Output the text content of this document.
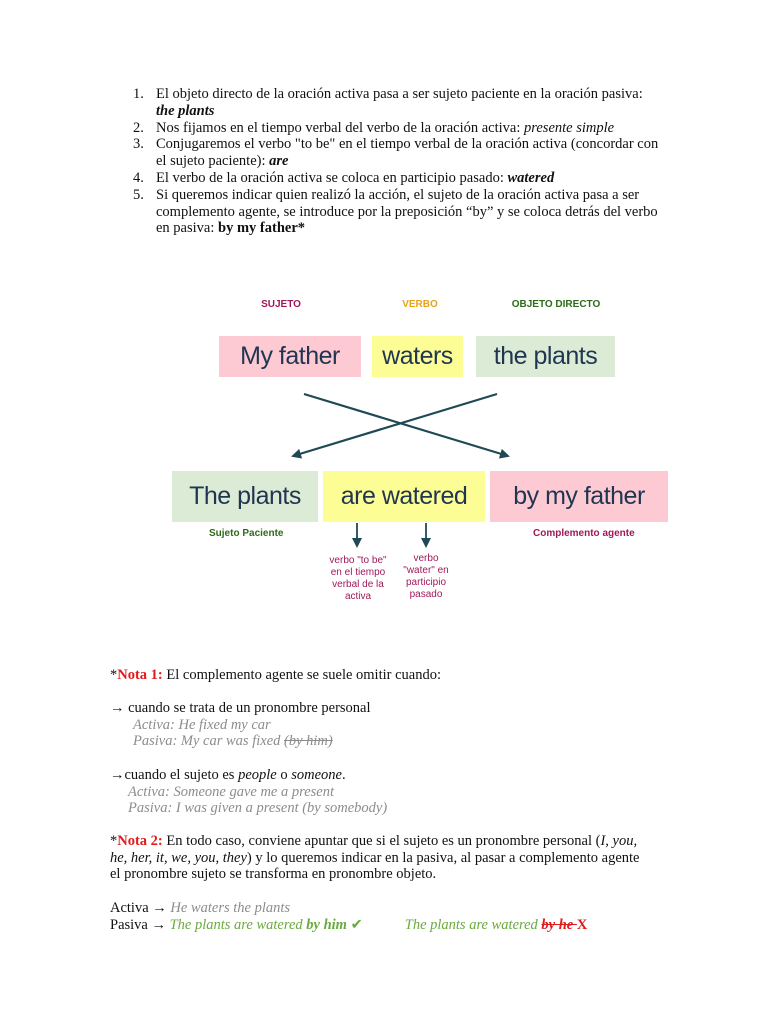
1. El objeto directo de la oración activa pasa a ser sujeto paciente en la oración pasiva: the plants
2. Nos fijamos en el tiempo verbal del verbo de la oración activa: presente simple
3. Conjugaremos el verbo "to be" en el tiempo verbal de la oración activa (concordar con el sujeto paciente): are
4. El verbo de la oración activa se coloca en participio pasado: watered
5. Si queremos indicar quien realizó la acción, el sujeto de la oración activa pasa a ser complemento agente, se introduce por la preposición “by” y se coloca detrás del verbo en pasiva: by my father*
SUJETO	VERBO	OBJETO DIRECTO
My father	waters	the plants
The plants	are watered	by my father
Sujeto Paciente	Complemento agente
verbo "to be"
en el tiempo
verbal de la
activa
verbo
"water" en
participio
pasado
*Nota 1: El complemento agente se suele omitir cuando:
→ cuando se trata de un pronombre personal
Activa: He fixed my car
Pasiva: My car was fixed (by him)
→cuando el sujeto es people o someone.
Activa: Someone gave me a present
Pasiva: I was given a present (by somebody)
*Nota 2: En todo caso, conviene apuntar que si el sujeto es un pronombre personal (I, you, he, her, it, we, you, they) y lo queremos indicar en la pasiva, al pasar a complemento agente el pronombre sujeto se transforma en pronombre objeto.
Activa → He waters the plants
Pasiva → The plants are watered by him ✔	The plants are watered by he X
